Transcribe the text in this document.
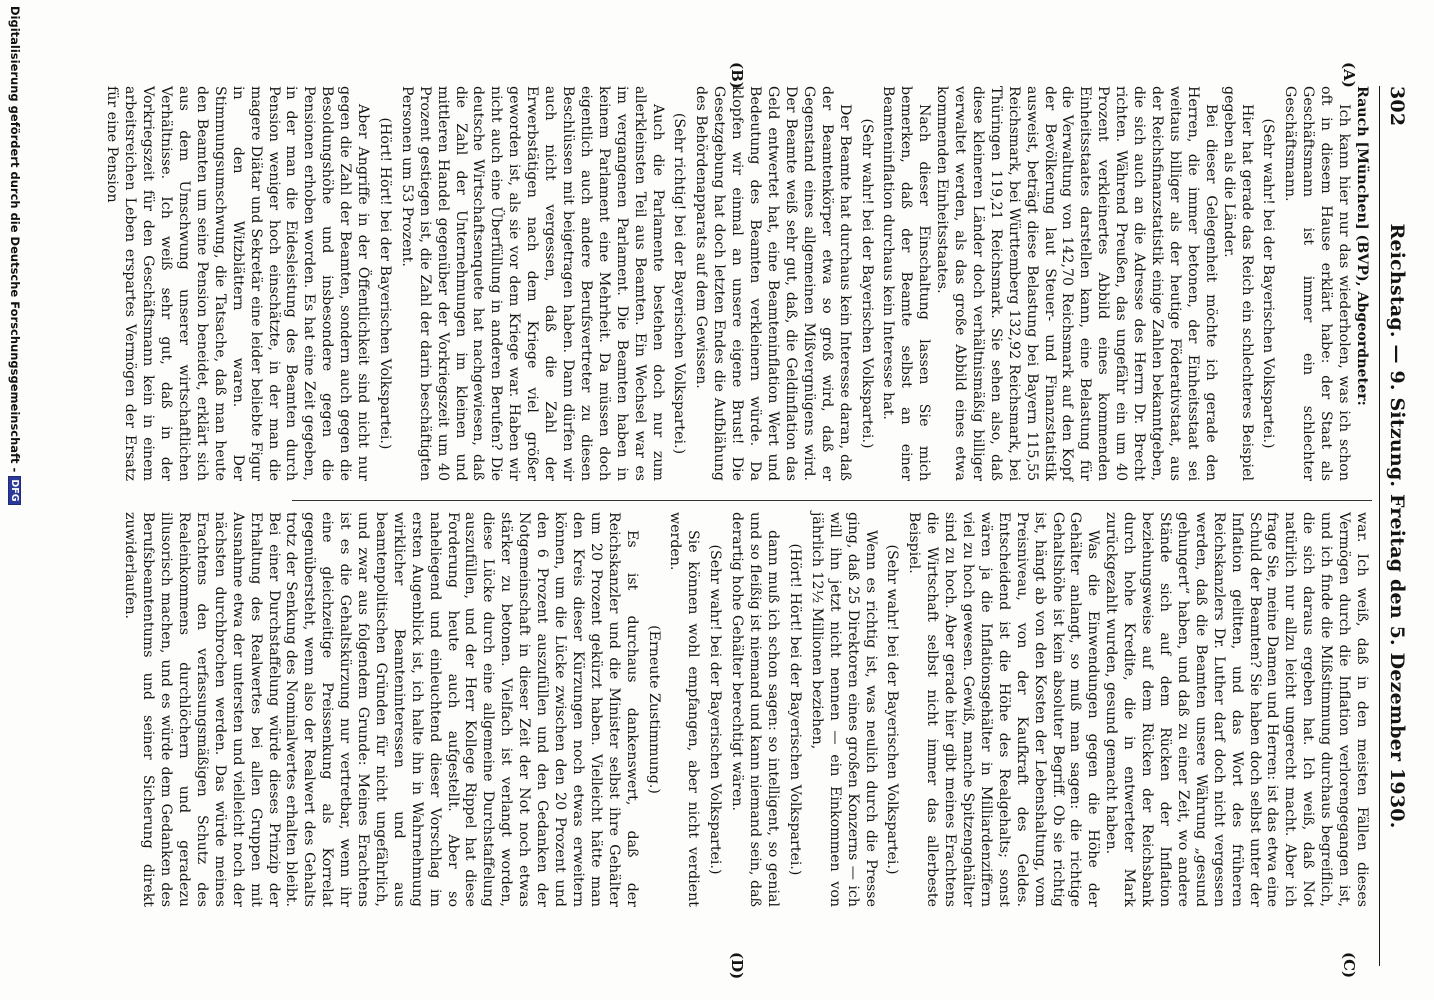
302
Reichstag. — 9. Sitzung. Freitag den 5. Dezember 1930.
(A)
(B)
(C)
(D)

Rauch [München] (BVP), Abgeordneter:

Ich kann hier nur das wiederholen, was ich schon oft in diesem Hause erklärt habe: der Staat als Geschäftsmann ist immer ein schlechter Geschäftsmann.

(Sehr wahr! bei der Bayerischen Volkspartei.)

Hier hat gerade das Reich ein schlechteres Beispiel gegeben als die Länder.

Bei dieser Gelegenheit möchte ich gerade den Herren, die immer betonen, der Einheitsstaat sei weitaus billiger als der heutige Föderativstaat, aus der Reichsfinanzstatistik einige Zahlen bekanntgeben, die sich auch an die Adresse des Herrn Dr. Brecht richten. Während Preußen, das ungefähr ein um 40 Prozent verkleinertes Abbild eines kommenden Einheitsstaates darstellen kann, eine Belastung für die Verwaltung von 142,70 Reichsmark auf den Kopf der Bevölkerung laut Steuer- und Finanzstatistik ausweist, beträgt diese Belastung bei Bayern 115,55 Reichsmark, bei Württemberg 132,92 Reichsmark, bei Thüringen 119,21 Reichsmark. Sie sehen also, daß diese kleineren Länder doch verhältnismäßig billiger verwaltet werden, als das große Abbild eines etwa kommenden Einheitsstaates.

Nach dieser Einschaltung lassen Sie mich bemerken, daß der Beamte selbst an einer Beamteninflation durchaus kein Interesse hat.

(Sehr wahr! bei der Bayerischen Volkspartei.)

Der Beamte hat durchaus kein Interesse daran, daß der Beamtenkörper etwa so groß wird, daß er Gegenstand eines allgemeinen Mißvergnügens wird. Der Beamte weiß sehr gut, daß, die Geldinflation das Geld entwertet hat, eine Beamteninflation Wert und Bedeutung des Beamten verkleinern würde. Da klopfen wir einmal an unsere eigene Brust! Die Gesetzgebung hat doch letzten Endes die Aufblähung des Behördenapparats auf dem Gewissen.

(Sehr richtig! bei der Bayerischen Volkspartei.)

Auch die Parlamente bestehen doch nur zum allerkleinsten Teil aus Beamten. Ein Wechsel war es im vergangenen Parlament. Die Beamten haben in keinem Parlament eine Mehrheit. Da müssen doch eigentlich auch andere Berufsvertreter zu diesen Beschlüssen mit beigetragen haben. Dann dürfen wir auch nicht vergessen, daß die Zahl der Erwerbstätigen nach dem Kriege viel größer geworden ist, als sie vor dem Kriege war. Haben wir nicht auch eine Überfüllung in anderen Berufen? Die deutsche Wirtschaftsenquete hat nachgewiesen, daß die Zahl der Unternehmungen im kleinen und mittleren Handel gegenüber der Vorkriegszeit um 40 Prozent gestiegen ist, die Zahl der darin beschäftigten Personen um 53 Prozent.

(Hört! Hört! bei der Bayerischen Volkspartei.)

Aber Angriffe in der Öffentlichkeit sind nicht nur gegen die Zahl der Beamten, sondern auch gegen die Besoldungshöhe und insbesondere gegen die Pensionen erhoben worden. Es hat eine Zeit gegeben, in der man die Eidesleistung des Beamten durch Pension weniger hoch einschätzte, in der man die magere Diätar und Sekretär eine leider beliebte Figur in den Witzblättern waren. Der Stimmungsumschwung, die Tatsache, daß man heute den Beamten um seine Pension beneidet, erklärt sich aus dem Umschwung unserer wirtschaftlichen Verhältnisse. Ich weiß sehr gut, daß in der Vorkriegszeit für den Geschäftsmann kein in einem arbeitsreichen Leben erspartes Vermögen der Ersatz für eine Pension

war. Ich weiß, daß in den meisten Fällen dieses Vermögen durch die Inflation verlorengegangen ist, und ich finde die Mißstimmung durchaus begreiflich, die sich daraus ergeben hat. Ich weiß, daß Not natürlich nur allzu leicht ungerecht macht. Aber ich frage Sie, meine Damen und Herren: ist das etwa eine Schuld der Beamten? Sie haben doch selbst unter der Inflation gelitten, und das Wort des früheren Reichskanzlers Dr. Luther darf doch nicht vergessen werden, daß die Beamten unsere Währung „gesund gehungert“ haben, und daß zu einer Zeit, wo andere Stände sich auf dem Rücken der Inflation beziehungsweise auf dem Rücken der Reichsbank durch hohe Kredite, die in entwerteter Mark zurückgezahlt wurden, gesund gemacht haben.

Was die Einwendungen gegen die Höhe der Gehälter anlangt, so muß man sagen: die richtige Gehaltshöhe ist kein absoluter Begriff. Ob sie richtig ist, hängt ab von den Kosten der Lebenshaltung, vom Preisniveau, von der Kaufkraft des Geldes. Entscheidend ist die Höhe des Realgehalts; sonst wären ja die Inflationsgehälter in Milliardenziffern viel zu hoch gewesen. Gewiß, manche Spitzengehälter sind zu hoch. Aber gerade hier gibt meines Erachtens die Wirtschaft selbst nicht immer das allerbeste Beispiel.

(Sehr wahr! bei der Bayerischen Volkspartei.)

Wenn es richtig ist, was neulich durch die Presse ging, daß 25 Direktoren eines großen Konzerns — ich will ihn jetzt nicht nennen — ein Einkommen von jährlich 12½ Millionen beziehen,

(Hört! Hört! bei der Bayerischen Volkspartei.)

dann muß ich schon sagen: so intelligent, so genial und so fleißig ist niemand und kann niemand sein, daß derartig hohe Gehälter berechtigt wären.

(Sehr wahr! bei der Bayerischen Volkspartei.)

Sie können wohl empfangen, aber nicht verdient werden.

(Erneute Zustimmung.)

Es ist durchaus dankenswert, daß der Reichskanzler und die Minister selbst ihre Gehälter um 20 Prozent gekürzt haben. Vielleicht hätte man den Kreis dieser Kürzungen noch etwas erweitern können, um die Lücke zwischen den 20 Prozent und den 6 Prozent auszufüllen und den Gedanken der Notgemeinschaft in dieser Zeit der Not noch etwas stärker zu betonen. Vielfach ist verlangt worden, diese Lücke durch eine allgemeine Durchstaffelung auszufüllen, und der Herr Kollege Rippel hat diese Forderung heute auch aufgestellt. Aber so naheliegend und einleuchtend dieser Vorschlag im ersten Augenblick ist, ich halte ihn in Wahrnehmung wirklicher Beamteninteressen und aus beamtenpolitischen Gründen für nicht ungefährlich, und zwar aus folgendem Grunde: Meines Erachtens ist es die Gehaltskürzung nur vertretbar, wenn ihr eine gleichzeitige Preissenkung als Korrelat gegenübersteht, wenn also der Realwert des Gehalts trotz der Senkung des Nominalwertes erhalten bleibt. Bei einer Durchstaffelung würde dieses Prinzip der Erhaltung des Realwertes bei allen Gruppen mit Ausnahme etwa der untersten und vielleicht noch der nächsten durchbrochen werden. Das würde meines Erachtens den verfassungsmäßigen Schutz des Realeinkommens durchlöchern und geradezu illusorisch machen, und es würde dem Gedanken des Berufsbeamtentums und seiner Sicherung direkt zuwiderlaufen.

Digitalisierung gefördert durch die Deutsche Forschungsgemeinschaft -DFG
